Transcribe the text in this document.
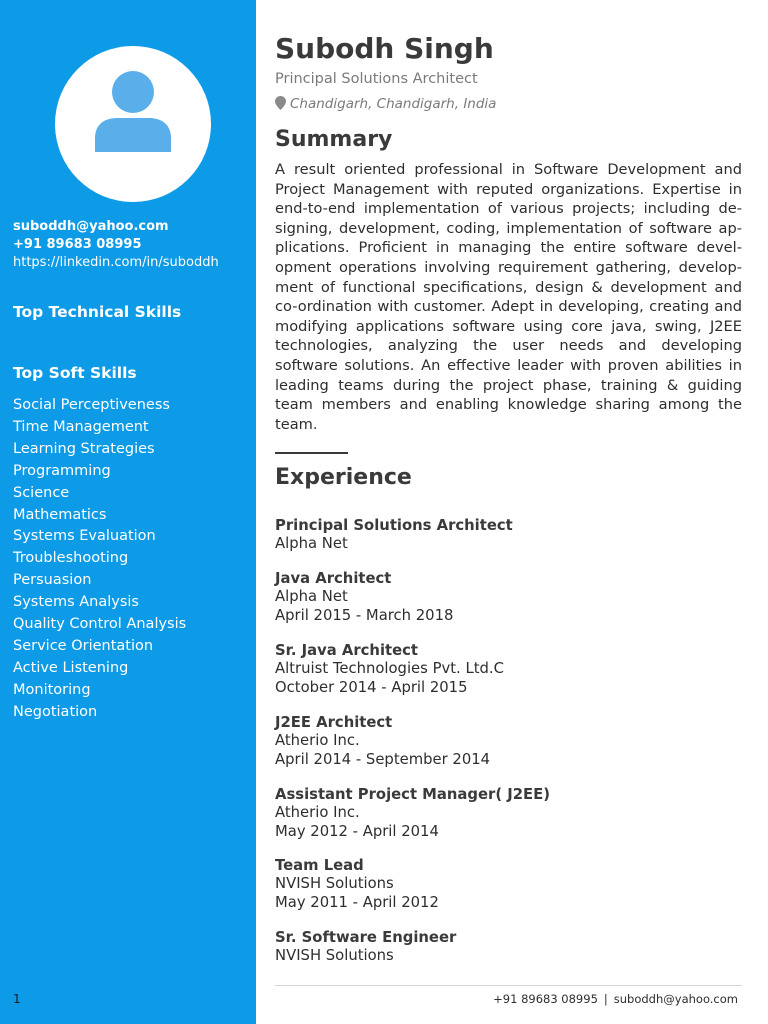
suboddh@yahoo.com
+91 89683 08995
https://linkedin.com/in/suboddh
Top Technical Skills
Top Soft Skills
Social Perceptiveness
Time Management
Learning Strategies
Programming
Science
Mathematics
Systems Evaluation
Troubleshooting
Persuasion
Systems Analysis
Quality Control Analysis
Service Orientation
Active Listening
Monitoring
Negotiation
1
Subodh Singh
Principal Solutions Architect
Chandigarh, Chandigarh, India
Summary

A result oriented professional in Software Development and Project Management with reputed organizations. Expertise in end-to-end implementation of various projects; including designing, development, coding, implementation of software applications. Proficient in managing the entire software development operations involving requirement gathering, development of functional specifications, design & development and co-ordination with customer. Adept in developing, creating and modifying applications software using core java, swing, J2EE technologies, analyzing the user needs and developing software solutions. An effective leader with proven abilities in leading teams during the project phase, training & guiding team members and enabling knowledge sharing among the team.

Experience
Principal Solutions Architect
Alpha Net
Java Architect
Alpha Net
April 2015 - March 2018
Sr. Java Architect
Altruist Technologies Pvt. Ltd.C
October 2014 - April 2015
J2EE Architect
Atherio Inc.
April 2014 - September 2014
Assistant Project Manager( J2EE)
Atherio Inc.
May 2012 - April 2014
Team Lead
NVISH Solutions
May 2011 - April 2012
Sr. Software Engineer
NVISH Solutions
+91 89683 08995 | suboddh@yahoo.com
